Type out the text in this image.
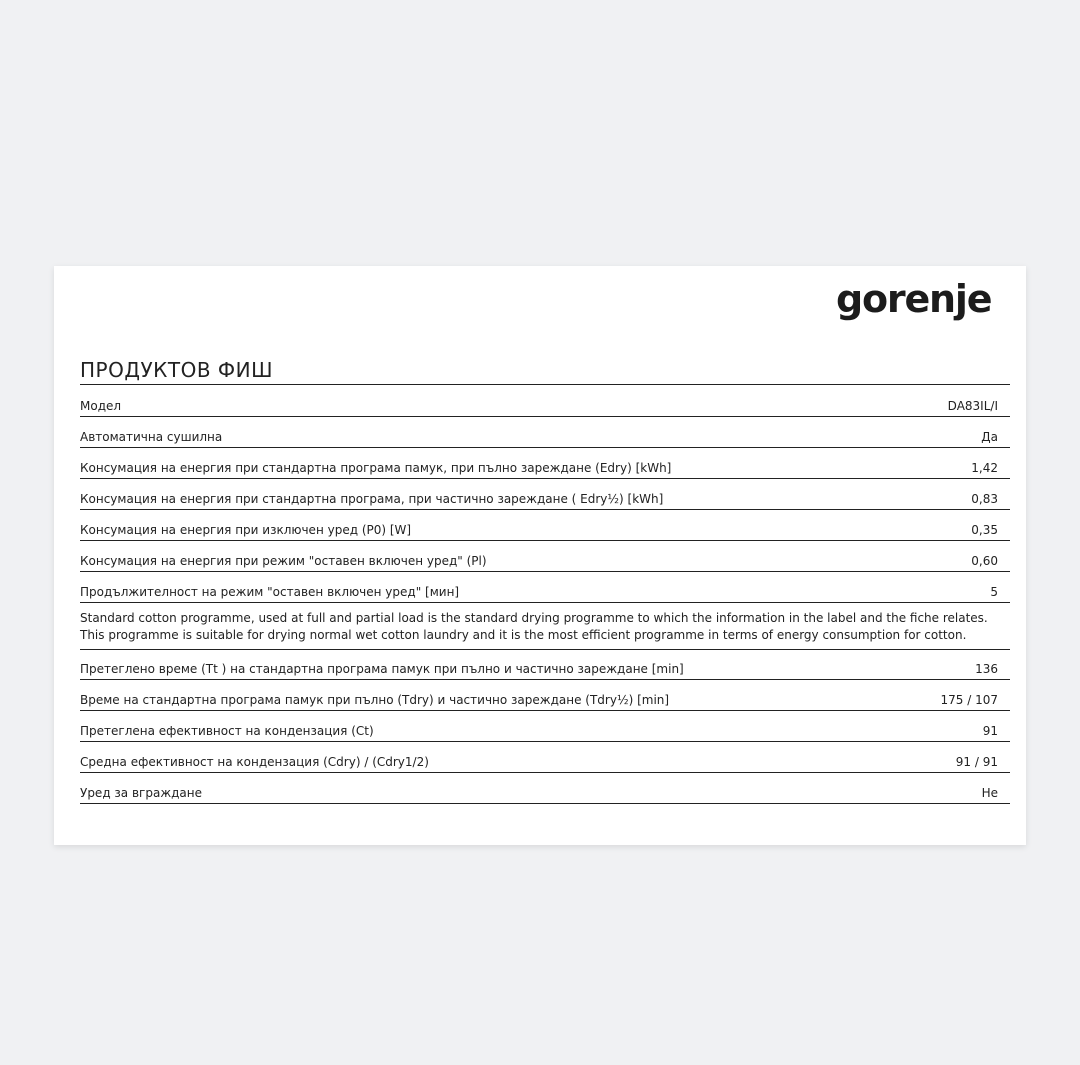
gorenje
ПРОДУКТОВ ФИШ
Модел	DA83IL/I
Автоматична сушилна	Да
Консумация на енергия при стандартна програма памук, при пълно зареждане (Edry) [kWh]	1,42
Консумация на енергия при стандартна програма, при частично зареждане ( Edry½) [kWh]	0,83
Консумация на енергия при изключен уред (P0) [W]	0,35
Консумация на енергия при режим "оставен включен уред" (Pl)	0,60
Продължителност на режим "оставен включен уред" [мин]	5
Standard cotton programme, used at full and partial load is the standard drying programme to which the information in the label and the fiche relates.
This programme is suitable for drying normal wet cotton laundry and it is the most efficient programme in terms of energy consumption for cotton.
Претеглено време (Tt ) на стандартна програма памук при пълно и частично зареждане [min]	136
Време на стандартна програма памук при пълно (Tdry) и частично зареждане (Tdry½) [min]	175 / 107
Претеглена ефективност на кондензация (Ct)	91
Средна ефективност на кондензация (Cdry) / (Cdry1/2)	91 / 91
Уред за вграждане	Не
